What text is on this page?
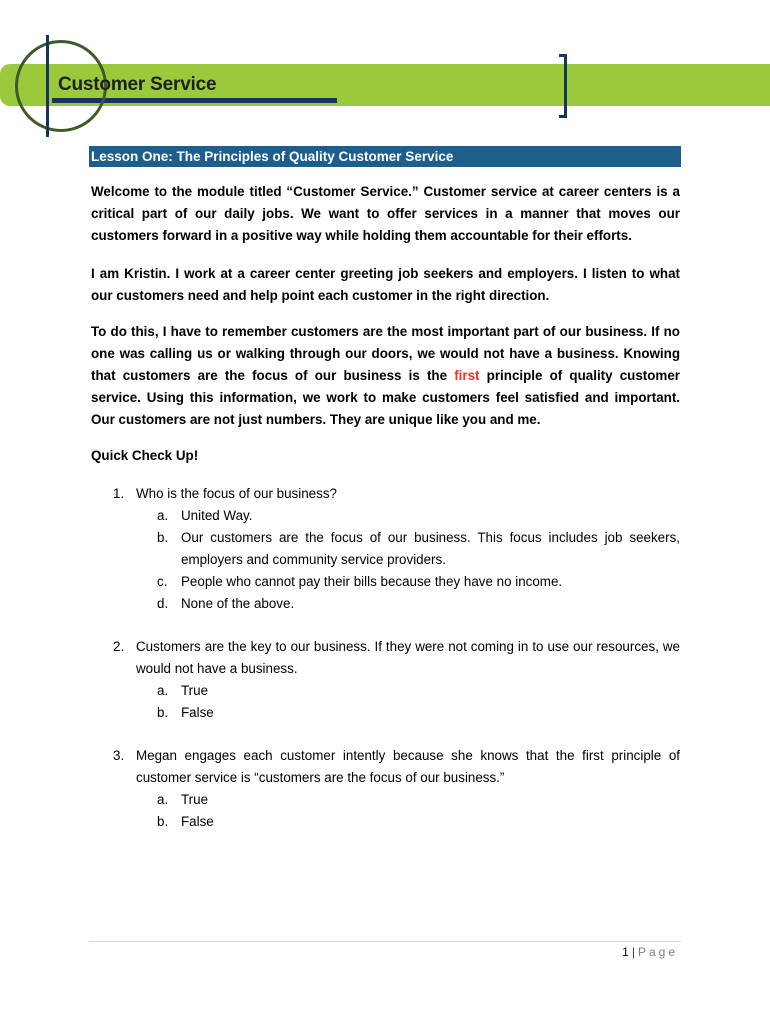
Customer Service
Lesson One: The Principles of Quality Customer Service

Welcome to the module titled “Customer Service.” Customer service at career centers is a critical part of our daily jobs. We want to offer services in a manner that moves our customers forward in a positive way while holding them accountable for their efforts.

I am Kristin. I work at a career center greeting job seekers and employers. I listen to what our customers need and help point each customer in the right direction.

To do this, I have to remember customers are the most important part of our business. If no one was calling us or walking through our doors, we would not have a business. Knowing that customers are the focus of our business is the first principle of quality customer service. Using this information, we work to make customers feel satisfied and important. Our customers are not just numbers. They are unique like you and me.

Quick Check Up!
1. Who is the focus of our business?

a. United Way.

b. Our customers are the focus of our business. This focus includes job seekers, employers and community service providers.

c. People who cannot pay their bills because they have no income.

d. None of the above.

2. Customers are the key to our business. If they were not coming in to use our resources, we would not have a business.

a. True

b. False

3. Megan engages each customer intently because she knows that the first principle of customer service is “customers are the focus of our business.”

a. True

b. False

1 | Page
